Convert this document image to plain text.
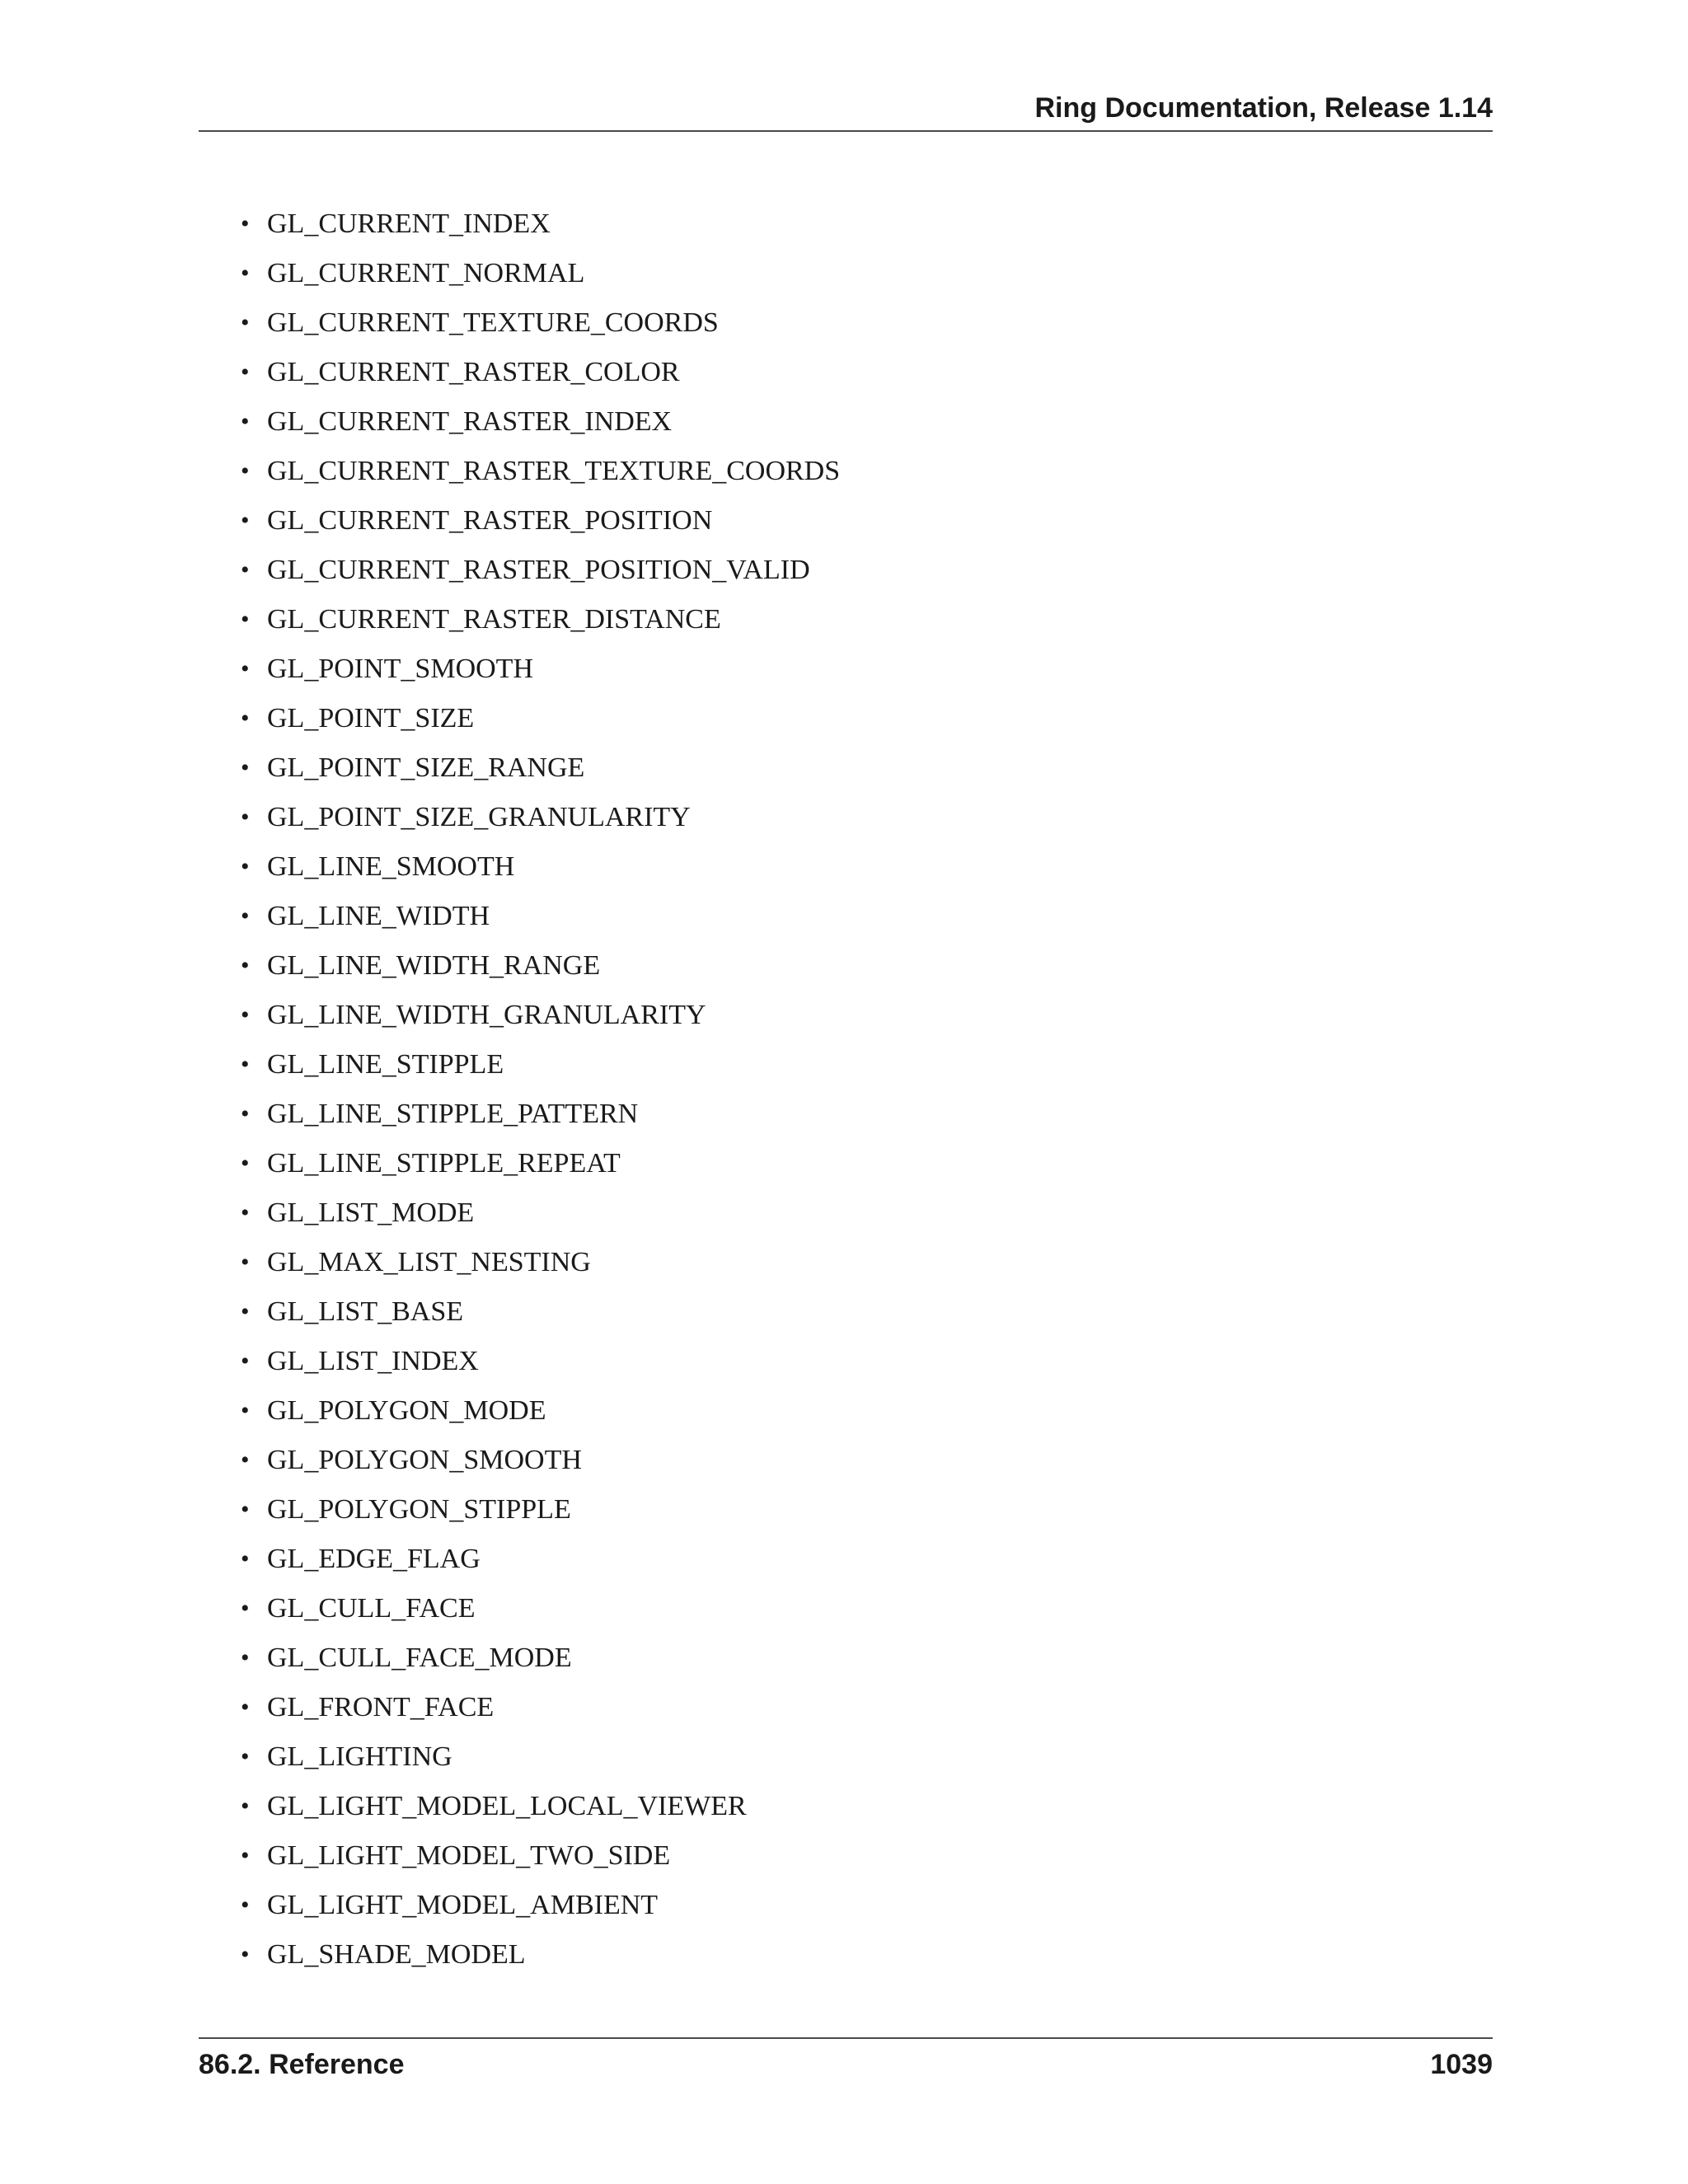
Ring Documentation, Release 1.14
• GL_CURRENT_INDEX
• GL_CURRENT_NORMAL
• GL_CURRENT_TEXTURE_COORDS
• GL_CURRENT_RASTER_COLOR
• GL_CURRENT_RASTER_INDEX
• GL_CURRENT_RASTER_TEXTURE_COORDS
• GL_CURRENT_RASTER_POSITION
• GL_CURRENT_RASTER_POSITION_VALID
• GL_CURRENT_RASTER_DISTANCE
• GL_POINT_SMOOTH
• GL_POINT_SIZE
• GL_POINT_SIZE_RANGE
• GL_POINT_SIZE_GRANULARITY
• GL_LINE_SMOOTH
• GL_LINE_WIDTH
• GL_LINE_WIDTH_RANGE
• GL_LINE_WIDTH_GRANULARITY
• GL_LINE_STIPPLE
• GL_LINE_STIPPLE_PATTERN
• GL_LINE_STIPPLE_REPEAT
• GL_LIST_MODE
• GL_MAX_LIST_NESTING
• GL_LIST_BASE
• GL_LIST_INDEX
• GL_POLYGON_MODE
• GL_POLYGON_SMOOTH
• GL_POLYGON_STIPPLE
• GL_EDGE_FLAG
• GL_CULL_FACE
• GL_CULL_FACE_MODE
• GL_FRONT_FACE
• GL_LIGHTING
• GL_LIGHT_MODEL_LOCAL_VIEWER
• GL_LIGHT_MODEL_TWO_SIDE
• GL_LIGHT_MODEL_AMBIENT
• GL_SHADE_MODEL
86.2. Reference	1039
